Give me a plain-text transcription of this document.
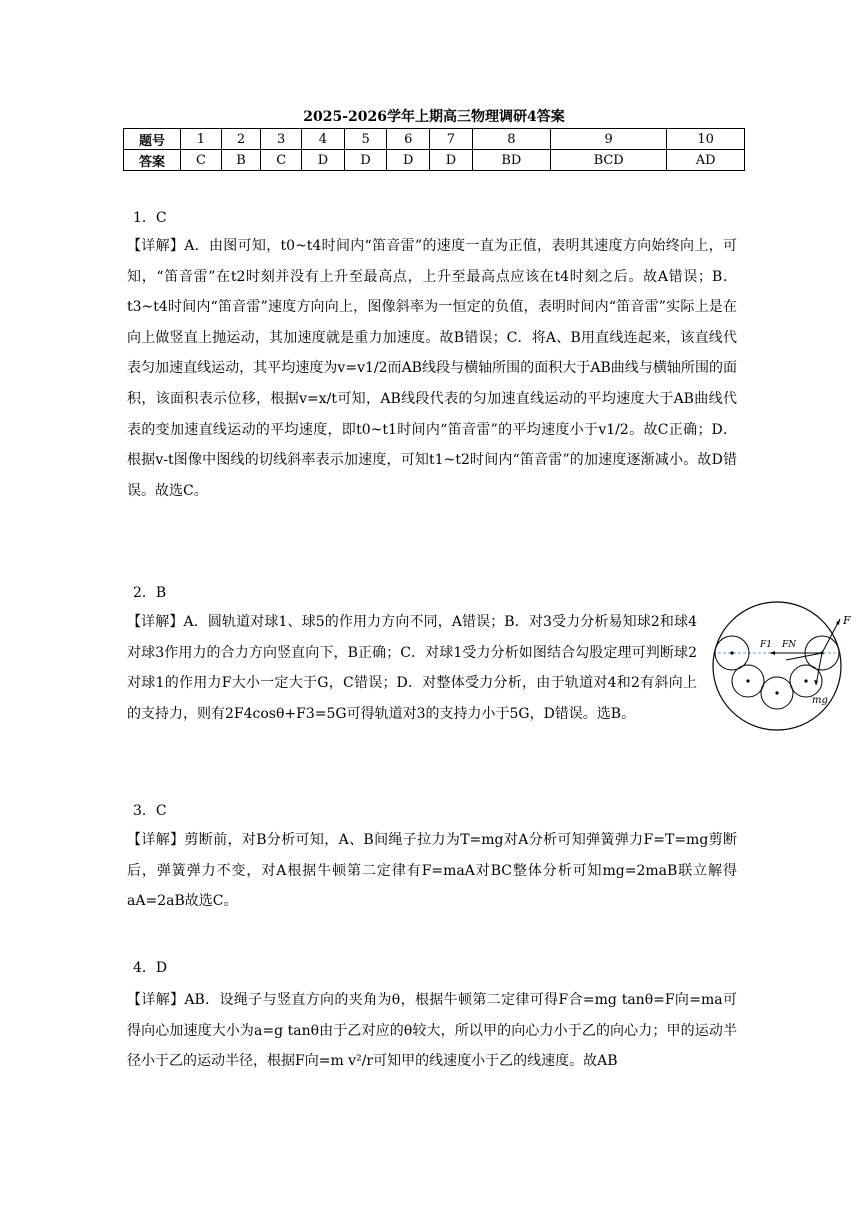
2025-2026学年上期高三物理调研4答案
题号	1	2	3	4	5	6	7	8	9	10
答案	C	B	C	D	D	D	D	BD	BCD	AD
1．C
【详解】A．由图可知，t0~t4时间内“笛音雷”的速度一直为正值，表明其速度方向始终向上，可知，“笛音雷”在t2时刻并没有上升至最高点，上升至最高点应该在t4时刻之后。故A错误；B．t3~t4时间内“笛音雷”速度方向向上，图像斜率为一恒定的负值，表明时间内“笛音雷”实际上是在向上做竖直上抛运动，其加速度就是重力加速度。故B错误；C．将A、B用直线连起来，该直线代表匀加速直线运动，其平均速度为v=v1/2而AB线段与横轴所围的面积大于AB曲线与横轴所围的面积，该面积表示位移，根据v=x/t可知，AB线段代表的匀加速直线运动的平均速度大于AB曲线代表的变加速直线运动的平均速度，即t0~t1时间内“笛音雷”的平均速度小于v1/2。故C正确；D．根据v-t图像中图线的切线斜率表示加速度，可知t1~t2时间内“笛音雷”的加速度逐渐减小。故D错误。故选C。
2．B
【详解】A．圆轨道对球1、球5的作用力方向不同，A错误；B．对3受力分析易知球2和球4对球3作用力的合力方向竖直向下，B正确；C．对球1受力分析如图结合勾股定理可判断球2对球1的作用力F大小一定大于G，C错误；D．对整体受力分析，由于轨道对4和2有斜向上的支持力，则有2F4cosθ+F3=5G可得轨道对3的支持力小于5G，D错误。选B。
F
F1 FN
mg
3．C
【详解】剪断前，对B分析可知，A、B间绳子拉力为T=mg对A分析可知弹簧弹力F=T=mg剪断后，弹簧弹力不变，对A根据牛顿第二定律有F=maA对BC整体分析可知mg=2maB联立解得aA=2aB故选C。
4．D
【详解】AB．设绳子与竖直方向的夹角为θ，根据牛顿第二定律可得F合=mg tanθ=F向=ma可得向心加速度大小为a=g tanθ由于乙对应的θ较大，所以甲的向心力小于乙的向心力；甲的运动半径小于乙的运动半径，根据F向=m v²/r可知甲的线速度小于乙的线速度。故AB
